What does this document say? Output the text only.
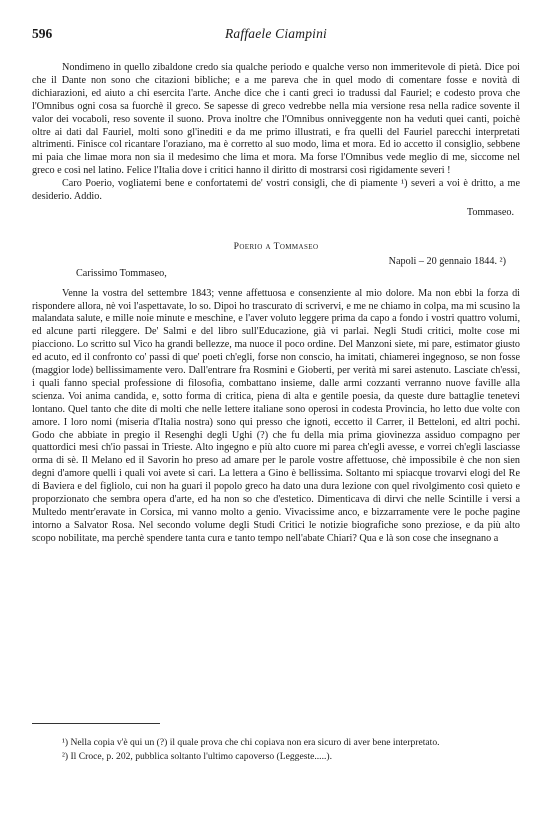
596	Raffaele Ciampini

Nondimeno in quello zibaldone credo sia qualche periodo e qualche verso non immeritevole di pietà. Dice poi che il Dante non sono che citazioni bibliche; e a me pareva che in quel modo di comentare fosse e novità di dichiarazioni, ed aiuto a chi esercita l'arte. Anche dice che i canti greci io tradussi dal Fauriel; e codesto prova che l'Omnibus ogni cosa sa fuorchè il greco. Se sapesse di greco vedrebbe nella mia versione resa nella radice sovente il valor dei vocaboli, reso sovente il suono. Prova inoltre che l'Omnibus onniveggente non ha veduti quei canti, poichè oltre ai dati dal Fauriel, molti sono gl'inediti e da me primo illustrati, e fra quelli del Fauriel parecchi interpretati altrimenti. Finisce col ricantare l'oraziano, ma è corretto al suo modo, lima et mora. Ed io accetto il consiglio, sebbene mi paia che limae mora non sia il medesimo che lima et mora. Ma forse l'Omnibus vede meglio di me, siccome nel greco e così nel latino. Felice l'Italia dove i critici hanno il diritto di mostrarsi così rigidamente severi !

Caro Poerio, vogliatemi bene e confortatemi de' vostri consigli, che di piamente ¹) severi a voi è dritto, a me desiderio. Addio.

Tommaseo.

Poerio a Tommaseo

Napoli – 20 gennaio 1844. ²)

Carissimo Tommaseo,

Venne la vostra del settembre 1843; venne affettuosa e consenziente al mio dolore. Ma non ebbi la forza di rispondere allora, nè voi l'aspettavate, lo so. Dipoi ho trascurato di scrivervi, e me ne chiamo in colpa, ma mi scusino la malandata salute, e mille noie minute e meschine, e l'aver voluto leggere prima da capo a fondo i vostri quattro volumi, ed alcune parti rileggere. De' Salmi e del libro sull'Educazione, già vi parlai. Negli Studi critici, molte cose mi piacciono. Lo scritto sul Vico ha grandi bellezze, ma nuoce il poco ordine. Del Manzoni siete, mi pare, estimator giusto ed acuto, ed il confronto co' passi di que' poeti ch'egli, forse non conscio, ha imitati, chiamerei ingegnoso, se non fosse (maggior lode) bellissimamente vero. Dall'entrare fra Rosmini e Gioberti, per verità mi sarei astenuto. Lasciate ch'essi, i quali fanno special professione di filosofia, combattano insieme, dalle armi cozzanti verranno nuove faville alla scienza. Voi anima candida, e, sotto forma di critica, piena di alta e gentile poesia, da queste dure battaglie tenetevi lontano. Quel tanto che dite di molti che nelle lettere italiane sono operosi in codesta Provincia, ho letto due volte con amore. I loro nomi (miseria d'Italia nostra) sono qui presso che ignoti, eccetto il Carrer, il Betteloni, ed altri pochi. Godo che abbiate in pregio il Resenghi degli Ughi (?) che fu della mia prima giovinezza assiduo compagno per quattordici mesi ch'io passai in Trieste. Alto ingegno e più alto cuore mi parea ch'egli avesse, e vorrei ch'egli lasciasse orma di sè. Il Melano ed il Savorin ho preso ad amare per le parole vostre affettuose, chè impossibile è che non sien degni d'amore quelli i quali voi avete sì cari. La lettera a Gino è bellissima. Soltanto mi spiacque trovarvi elogi del Re di Baviera e del figliolo, cui non ha guari il popolo greco ha dato una dura lezione con quel rivolgimento così quieto e proporzionato che sembra opera d'arte, ed ha non so che d'estetico. Dimenticava di dirvi che nelle Scintille i versi a Multedo mentr'eravate in Corsica, mi vanno molto a genio. Vivacissime anco, e bizzarramente vere le poche pagine intorno a Salvator Rosa. Nel secondo volume degli Studi Critici le notizie biografiche sono preziose, e da più alto scopo nobilitate, ma perchè spendere tanta cura e tanto tempo nell'abate Chiari? Qua e là son cose che insegnano a

¹) Nella copia v'è qui un (?) il quale prova che chi copiava non era sicuro di aver bene interpretato.

²) Il Croce, p. 202, pubblica soltanto l'ultimo capoverso (Leggeste.....).
